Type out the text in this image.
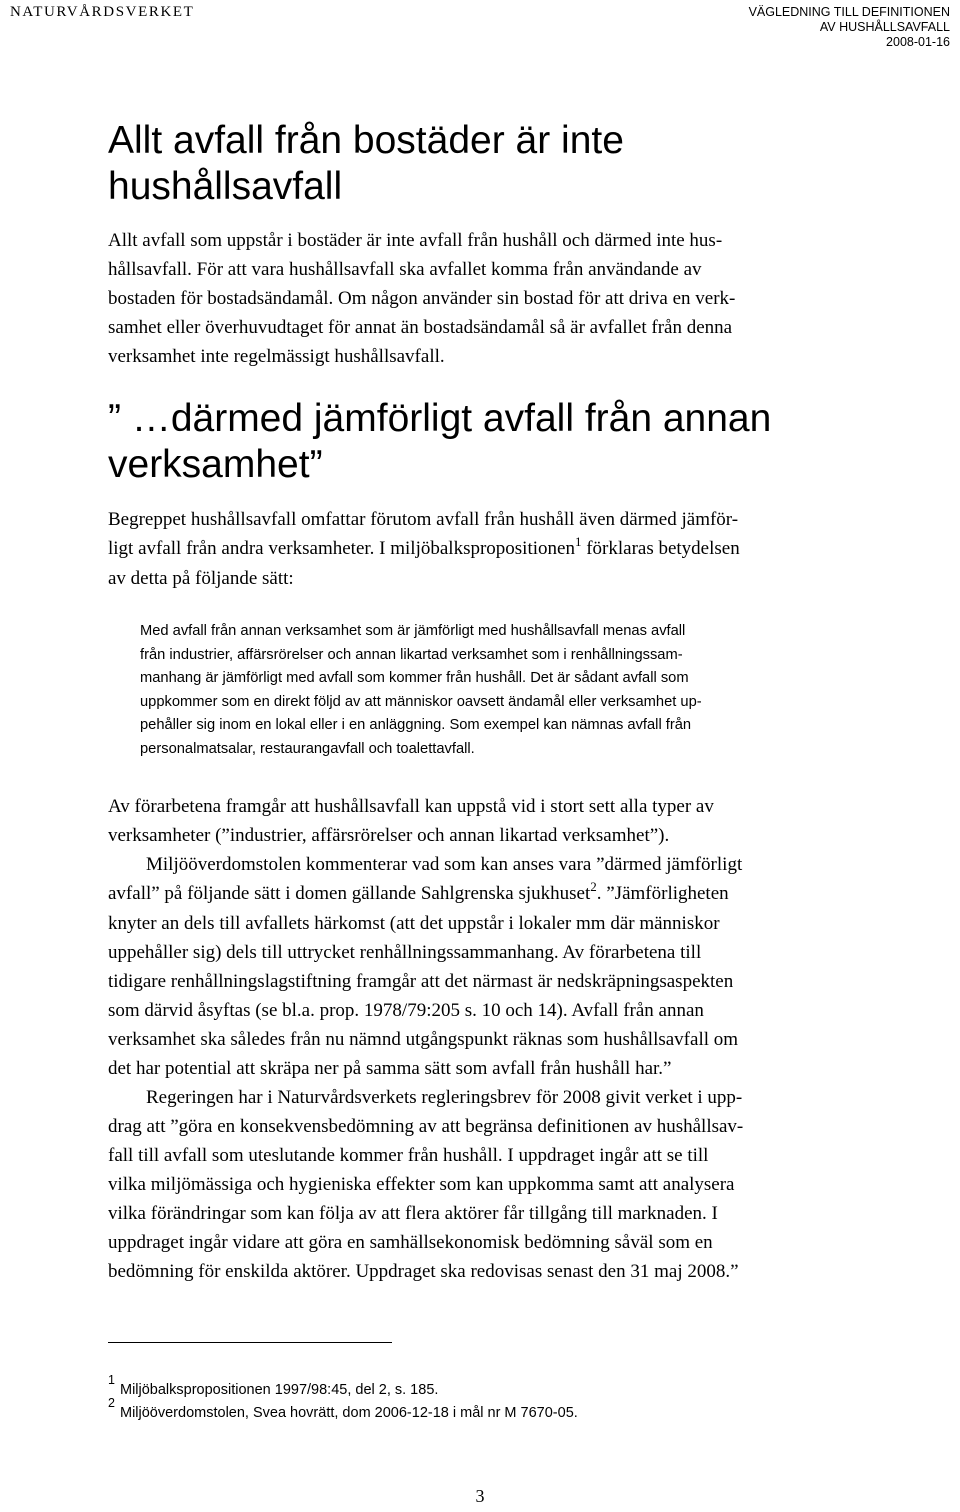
NATURVÅRDSVERKET	VÄGLEDNING TILL DEFINITIONEN
AV HUSHÅLLSAVFALL
2008-01-16
Allt avfall från bostäder är inte
hushållsavfall

Allt avfall som uppstår i bostäder är inte avfall från hushåll och därmed inte hus-
hållsavfall. För att vara hushållsavfall ska avfallet komma från användande av
bostaden för bostadsändamål. Om någon använder sin bostad för att driva en verk-
samhet eller överhuvudtaget för annat än bostadsändamål så är avfallet från denna
verksamhet inte regelmässigt hushållsavfall.

” …därmed jämförligt avfall från annan
verksamhet”

Begreppet hushållsavfall omfattar förutom avfall från hushåll även därmed jämför-
ligt avfall från andra verksamheter. I miljöbalkspropositionen$^1$ förklaras betydelsen
av detta på följande sätt:

Med avfall från annan verksamhet som är jämförligt med hushållsavfall menas avfall
från industrier, affärsrörelser och annan likartad verksamhet som i renhållningssam-
manhang är jämförligt med avfall som kommer från hushåll. Det är sådant avfall som
uppkommer som en direkt följd av att människor oavsett ändamål eller verksamhet up-
pehåller sig inom en lokal eller i en anläggning. Som exempel kan nämnas avfall från
personalmatsalar, restaurangavfall och toalettavfall.
Av förarbetena framgår att hushållsavfall kan uppstå vid i stort sett alla typer av
verksamheter (”industrier, affärsrörelser och annan likartad verksamhet”).
Miljööverdomstolen kommenterar vad som kan anses vara ”därmed jämförligt
avfall” på följande sätt i domen gällande Sahlgrenska sjukhuset$^2$. ”Jämförligheten
knyter an dels till avfallets härkomst (att det uppstår i lokaler mm där människor
uppehåller sig) dels till uttrycket renhållningssammanhang. Av förarbetena till
tidigare renhållningslagstiftning framgår att det närmast är nedskräpningsaspekten
som därvid åsyftas (se bl.a. prop. 1978/79:205 s. 10 och 14). Avfall från annan
verksamhet ska således från nu nämnd utgångspunkt räknas som hushållsavfall om
det har potential att skräpa ner på samma sätt som avfall från hushåll har.”
Regeringen har i Naturvårdsverkets regleringsbrev för 2008 givit verket i upp-
drag att ”göra en konsekvensbedömning av att begränsa definitionen av hushållsav-
fall till avfall som uteslutande kommer från hushåll. I uppdraget ingår att se till
vilka miljömässiga och hygieniska effekter som kan uppkomma samt att analysera
vilka förändringar som kan följa av att flera aktörer får tillgång till marknaden. I
uppdraget ingår vidare att göra en samhällsekonomisk bedömning såväl som en
bedömning för enskilda aktörer. Uppdraget ska redovisas senast den 31 maj 2008.”
1
Miljöbalkspropositionen 1997/98:45, del 2, s. 185.
2
Miljööverdomstolen, Svea hovrätt, dom 2006-12-18 i mål nr M 7670-05.
3
